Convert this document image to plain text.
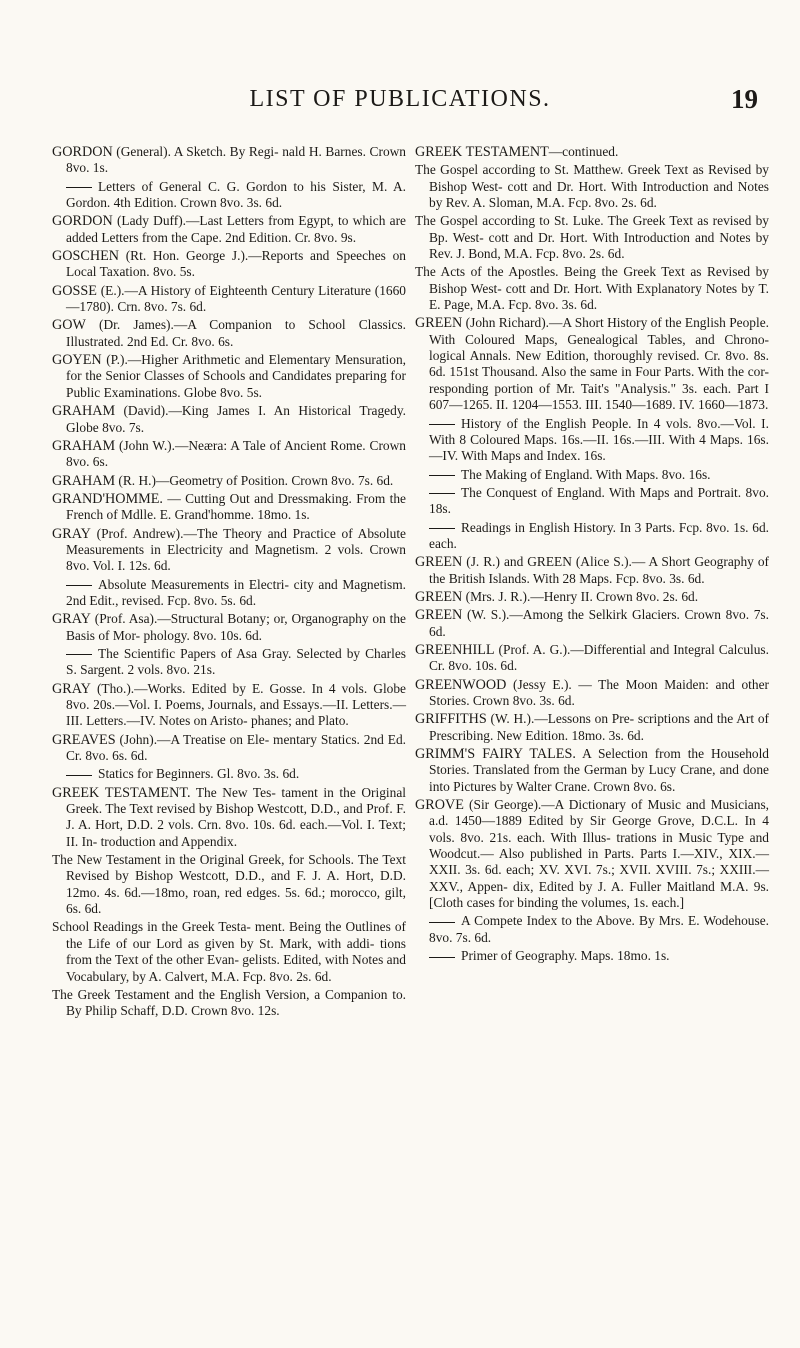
LIST OF PUBLICATIONS.	19

GORDON (General). A Sketch. By Regi- nald H. Barnes. Crown 8vo. 1s.

Letters of General C. G. Gordon to his Sister, M. A. Gordon. 4th Edition. Crown 8vo. 3s. 6d.

GORDON (Lady Duff).—Last Letters from Egypt, to which are added Letters from the Cape. 2nd Edition. Cr. 8vo. 9s.

GOSCHEN (Rt. Hon. George J.).—Reports and Speeches on Local Taxation. 8vo. 5s.

GOSSE (E.).—A History of Eighteenth Century Literature (1660—1780). Crn. 8vo. 7s. 6d.

GOW (Dr. James).—A Companion to School Classics. Illustrated. 2nd Ed. Cr. 8vo. 6s.

GOYEN (P.).—Higher Arithmetic and Elementary Mensuration, for the Senior Classes of Schools and Candidates preparing for Public Examinations. Globe 8vo. 5s.

GRAHAM (David).—King James I. An Historical Tragedy. Globe 8vo. 7s.

GRAHAM (John W.).—Neæra: A Tale of Ancient Rome. Crown 8vo. 6s.

GRAHAM (R. H.)—Geometry of Position. Crown 8vo. 7s. 6d.

GRAND'HOMME. — Cutting Out and Dressmaking. From the French of Mdlle. E. Grand'homme. 18mo. 1s.

GRAY (Prof. Andrew).—The Theory and Practice of Absolute Measurements in Electricity and Magnetism. 2 vols. Crown 8vo. Vol. I. 12s. 6d.

Absolute Measurements in Electri- city and Magnetism. 2nd Edit., revised. Fcp. 8vo. 5s. 6d.

GRAY (Prof. Asa).—Structural Botany; or, Organography on the Basis of Mor- phology. 8vo. 10s. 6d.

The Scientific Papers of Asa Gray. Selected by Charles S. Sargent. 2 vols. 8vo. 21s.

GRAY (Tho.).—Works. Edited by E. Gosse. In 4 vols. Globe 8vo. 20s.—Vol. I. Poems, Journals, and Essays.—II. Letters.—III. Letters.—IV. Notes on Aristo- phanes; and Plato.

GREAVES (John).—A Treatise on Ele- mentary Statics. 2nd Ed. Cr. 8vo. 6s. 6d.

Statics for Beginners. Gl. 8vo. 3s. 6d.

GREEK TESTAMENT. The New Tes- tament in the Original Greek. The Text revised by Bishop Westcott, D.D., and Prof. F. J. A. Hort, D.D. 2 vols. Crn. 8vo. 10s. 6d. each.—Vol. I. Text; II. In- troduction and Appendix.

The New Testament in the Original Greek, for Schools. The Text Revised by Bishop Westcott, D.D., and F. J. A. Hort, D.D. 12mo. 4s. 6d.—18mo, roan, red edges. 5s. 6d.; morocco, gilt, 6s. 6d.

School Readings in the Greek Testa- ment. Being the Outlines of the Life of our Lord as given by St. Mark, with addi- tions from the Text of the other Evan- gelists. Edited, with Notes and Vocabulary, by A. Calvert, M.A. Fcp. 8vo. 2s. 6d.

The Greek Testament and the English Version, a Companion to. By Philip Schaff, D.D. Crown 8vo. 12s.

GREEK TESTAMENT—continued.

The Gospel according to St. Matthew. Greek Text as Revised by Bishop West- cott and Dr. Hort. With Introduction and Notes by Rev. A. Sloman, M.A. Fcp. 8vo. 2s. 6d.

The Gospel according to St. Luke. The Greek Text as revised by Bp. West- cott and Dr. Hort. With Introduction and Notes by Rev. J. Bond, M.A. Fcp. 8vo. 2s. 6d.

The Acts of the Apostles. Being the Greek Text as Revised by Bishop West- cott and Dr. Hort. With Explanatory Notes by T. E. Page, M.A. Fcp. 8vo. 3s. 6d.

GREEN (John Richard).—A Short History of the English People. With Coloured Maps, Genealogical Tables, and Chrono- logical Annals. New Edition, thoroughly revised. Cr. 8vo. 8s. 6d. 151st Thousand. Also the same in Four Parts. With the cor- responding portion of Mr. Tait's "Analysis." 3s. each. Part I 607—1265. II. 1204—1553. III. 1540—1689. IV. 1660—1873.

History of the English People. In 4 vols. 8vo.—Vol. I. With 8 Coloured Maps. 16s.—II. 16s.—III. With 4 Maps. 16s.—IV. With Maps and Index. 16s.

The Making of England. With Maps. 8vo. 16s.

The Conquest of England. With Maps and Portrait. 8vo. 18s.

Readings in English History. In 3 Parts. Fcp. 8vo. 1s. 6d. each.

GREEN (J. R.) and GREEN (Alice S.).— A Short Geography of the British Islands. With 28 Maps. Fcp. 8vo. 3s. 6d.

GREEN (Mrs. J. R.).—Henry II. Crown 8vo. 2s. 6d.

GREEN (W. S.).—Among the Selkirk Glaciers. Crown 8vo. 7s. 6d.

GREENHILL (Prof. A. G.).—Differential and Integral Calculus. Cr. 8vo. 10s. 6d.

GREENWOOD (Jessy E.). — The Moon Maiden: and other Stories. Crown 8vo. 3s. 6d.

GRIFFITHS (W. H.).—Lessons on Pre- scriptions and the Art of Prescribing. New Edition. 18mo. 3s. 6d.

GRIMM'S FAIRY TALES. A Selection from the Household Stories. Translated from the German by Lucy Crane, and done into Pictures by Walter Crane. Crown 8vo. 6s.

GROVE (Sir George).—A Dictionary of Music and Musicians, a.d. 1450—1889 Edited by Sir George Grove, D.C.L. In 4 vols. 8vo. 21s. each. With Illus- trations in Music Type and Woodcut.— Also published in Parts. Parts I.—XIV., XIX.—XXII. 3s. 6d. each; XV. XVI. 7s.; XVII. XVIII. 7s.; XXIII.—XXV., Appen- dix, Edited by J. A. Fuller Maitland M.A. 9s. [Cloth cases for binding the volumes, 1s. each.]

A Compete Index to the Above. By Mrs. E. Wodehouse. 8vo. 7s. 6d.

Primer of Geography. Maps. 18mo. 1s.
